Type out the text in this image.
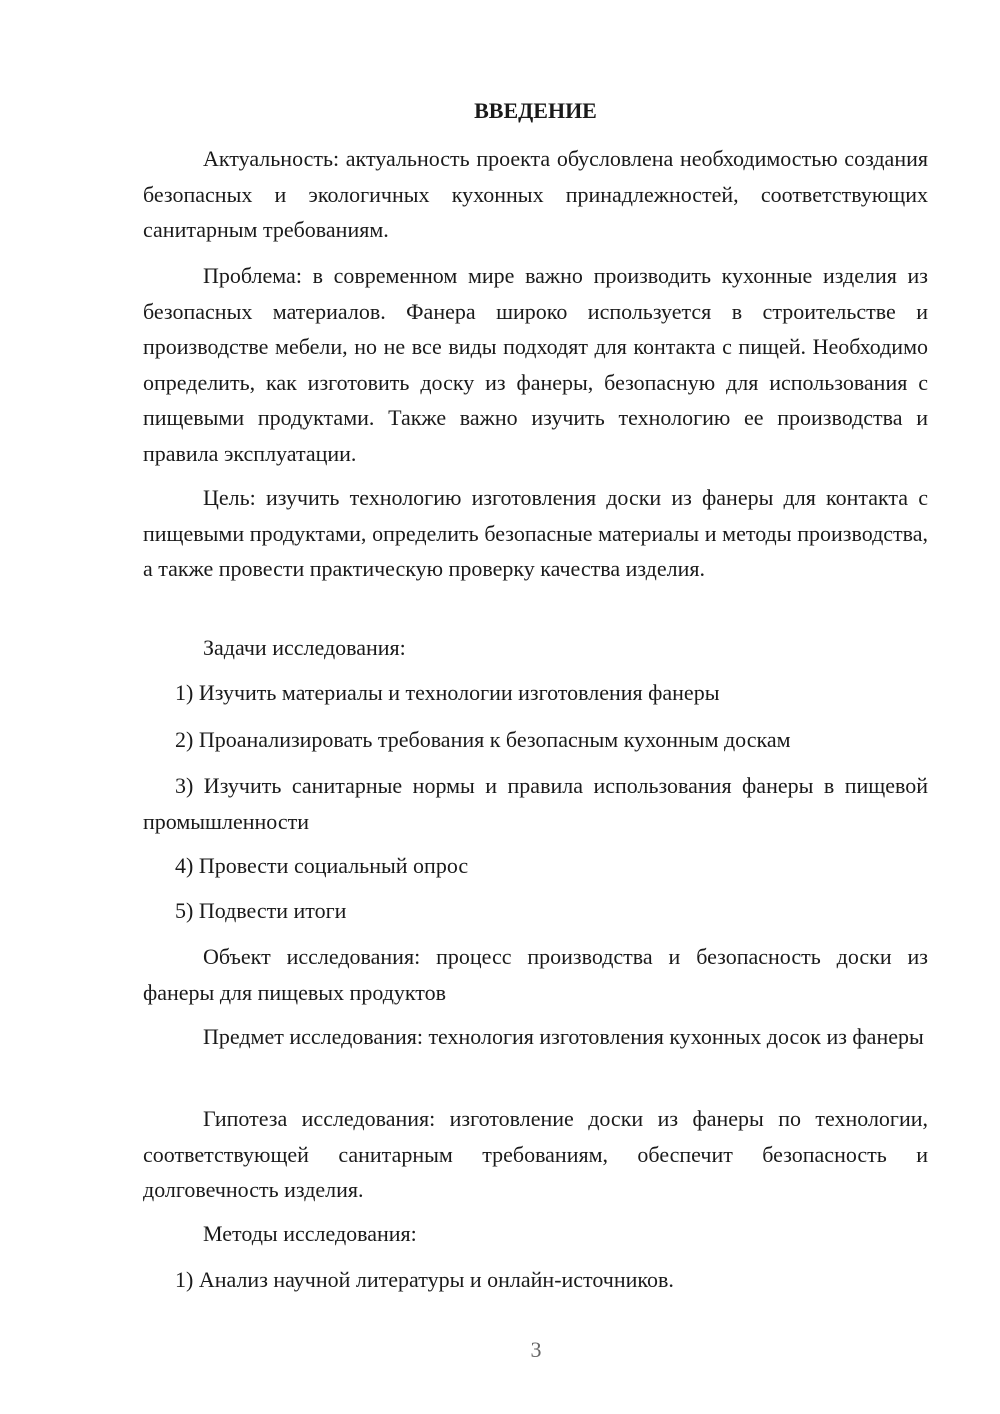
ВВЕДЕНИЕ

Актуальность: актуальность проекта обусловлена необходимостью создания безопасных и экологичных кухонных принадлежностей, соответствующих санитарным требованиям.

Проблема: в современном мире важно производить кухонные изделия из безопасных материалов. Фанера широко используется в строительстве и производстве мебели, но не все виды подходят для контакта с пищей. Необходимо определить, как изготовить доску из фанеры, безопасную для использования с пищевыми продуктами. Также важно изучить технологию ее производства и правила эксплуатации.

Цель: изучить технологию изготовления доски из фанеры для контакта с пищевыми продуктами, определить безопасные материалы и методы производства, а также провести практическую проверку качества изделия.

Задачи исследования:

1) Изучить материалы и технологии изготовления фанеры

2) Проанализировать требования к безопасным кухонным доскам

3) Изучить санитарные нормы и правила использования фанеры в пищевой промышленности

4) Провести социальный опрос

5) Подвести итоги

Объект исследования: процесс производства и безопасность доски из фанеры для пищевых продуктов

Предмет исследования: технология изготовления кухонных досок из фанеры

Гипотеза исследования: изготовление доски из фанеры по технологии, соответствующей санитарным требованиям, обеспечит безопасность и долговечность изделия.

Методы исследования:

1) Анализ научной литературы и онлайн-источников.

3
